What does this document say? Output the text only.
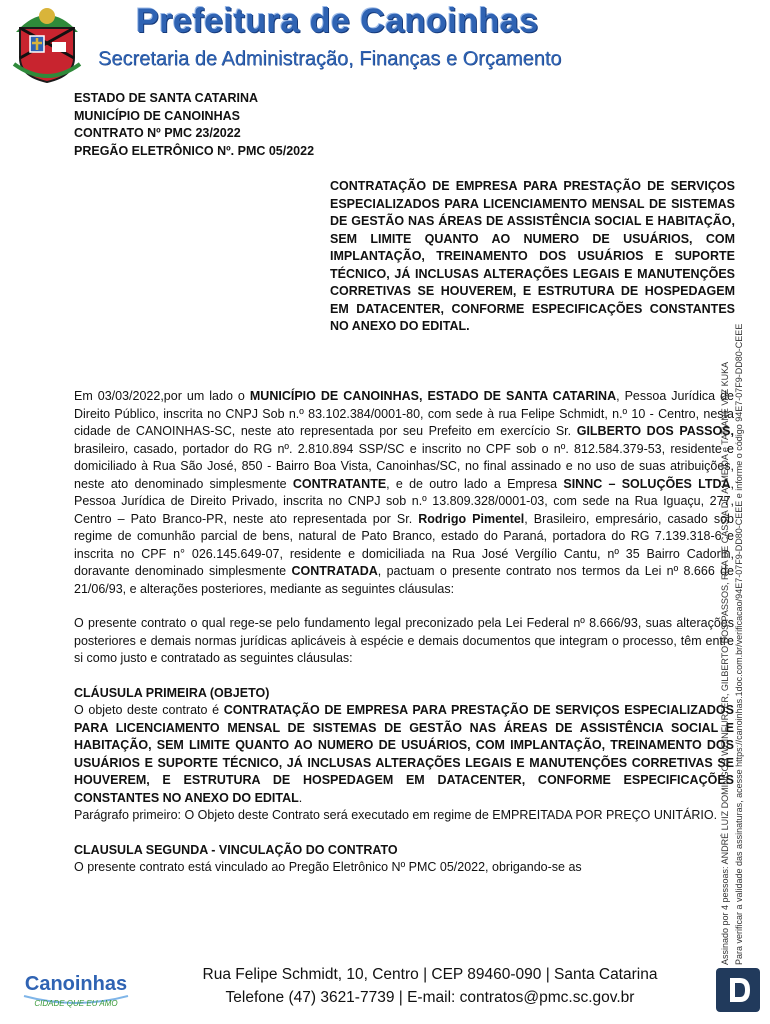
Prefeitura de Canoinhas
Secretaria de Administração, Finanças e Orçamento
ESTADO DE SANTA CATARINA
MUNICÍPIO DE CANOINHAS
CONTRATO Nº PMC 23/2022
PREGÃO ELETRÔNICO Nº. PMC 05/2022
CONTRATAÇÃO DE EMPRESA PARA PRESTAÇÃO DE SERVIÇOS ESPECIALIZADOS PARA LICENCIAMENTO MENSAL DE SISTEMAS DE GESTÃO NAS ÁREAS DE ASSISTÊNCIA SOCIAL E HABITAÇÃO, SEM LIMITE QUANTO AO NUMERO DE USUÁRIOS, COM IMPLANTAÇÃO, TREINAMENTO DOS USUÁRIOS E SUPORTE TÉCNICO, JÁ INCLUSAS ALTERAÇÕES LEGAIS E MANUTENÇÕES CORRETIVAS SE HOUVEREM, E ESTRUTURA DE HOSPEDAGEM EM DATACENTER, CONFORME ESPECIFICAÇÕES CONSTANTES NO ANEXO DO EDITAL.

Em 03/03/2022,por um lado o MUNICÍPIO DE CANOINHAS, ESTADO DE SANTA CATARINA, Pessoa Jurídica de Direito Público, inscrita no CNPJ Sob n.º 83.102.384/0001-80, com sede à rua Felipe Schmidt, n.º 10 - Centro, nesta cidade de CANOINHAS-SC, neste ato representada por seu Prefeito em exercício Sr. GILBERTO DOS PASSOS, brasileiro, casado, portador do RG nº. 2.810.894 SSP/SC e inscrito no CPF sob o nº. 812.584.379-53, residente e domiciliado à Rua São José, 850 - Bairro Boa Vista, Canoinhas/SC, no final assinado e no uso de suas atribuições, neste ato denominado simplesmente CONTRATANTE, e de outro lado a Empresa SINNC – SOLUÇÕES LTDA, Pessoa Jurídica de Direito Privado, inscrita no CNPJ sob n.º 13.809.328/0001-03, com sede na Rua Iguaçu, 277, Centro – Pato Branco-PR, neste ato representada por Sr. Rodrigo Pimentel, Brasileiro, empresário, casado sob regime de comunhão parcial de bens, natural de Pato Branco, estado do Paraná, portadora do RG 7.139.318-6 e inscrita no CPF n° 026.145.649-07, residente e domiciliada na Rua José Vergílio Cantu, nº 35 Bairro Cadorin, doravante denominado simplesmente CONTRATADA, pactuam o presente contrato nos termos da Lei nº 8.666 de 21/06/93, e alterações posteriores, mediante as seguintes cláusulas:

O presente contrato o qual rege-se pelo fundamento legal preconizado pela Lei Federal nº 8.666/93, suas alterações posteriores e demais normas jurídicas aplicáveis à espécie e demais documentos que integram o processo, têm entre si como justo e contratado as seguintes cláusulas:

CLÁUSULA PRIMEIRA (OBJETO)

O objeto deste contrato é CONTRATAÇÃO DE EMPRESA PARA PRESTAÇÃO DE SERVIÇOS ESPECIALIZADOS PARA LICENCIAMENTO MENSAL DE SISTEMAS DE GESTÃO NAS ÁREAS DE ASSISTÊNCIA SOCIAL E HABITAÇÃO, SEM LIMITE QUANTO AO NUMERO DE USUÁRIOS, COM IMPLANTAÇÃO, TREINAMENTO DOS USUÁRIOS E SUPORTE TÉCNICO, JÁ INCLUSAS ALTERAÇÕES LEGAIS E MANUTENÇÕES CORRETIVAS SE HOUVEREM, E ESTRUTURA DE HOSPEDAGEM EM DATACENTER, CONFORME ESPECIFICAÇÕES CONSTANTES NO ANEXO DO EDITAL.

Parágrafo primeiro: O Objeto deste Contrato será executado em regime de EMPREITADA POR PREÇO UNITÁRIO.

CLAUSULA SEGUNDA - VINCULAÇÃO DO CONTRATO

O presente contrato está vinculado ao Pregão Eletrônico Nº PMC 05/2022, obrigando-se as	Assinado por 4 pessoas: ANDRÉ LUIZ DOMINGOS WEINFURTER, GILBERTO DOS PASSOS, RITA DE CÁSSIA DE ALMEIDA e TATIANE VAZ KUKA Para verificar a validade das assinaturas, acesse https://canoinhas.1doc.com.br/verificacao/94E7-07F9-DD80-CEEE e informe o código 94E7-07F9-DD80-CEEE
Canoinhas
CIDADE QUE EU AMO
Rua Felipe Schmidt, 10, Centro | CEP 89460-090 | Santa Catarina
Telefone (47) 3621-7739 | E-mail: contratos@pmc.sc.gov.br
